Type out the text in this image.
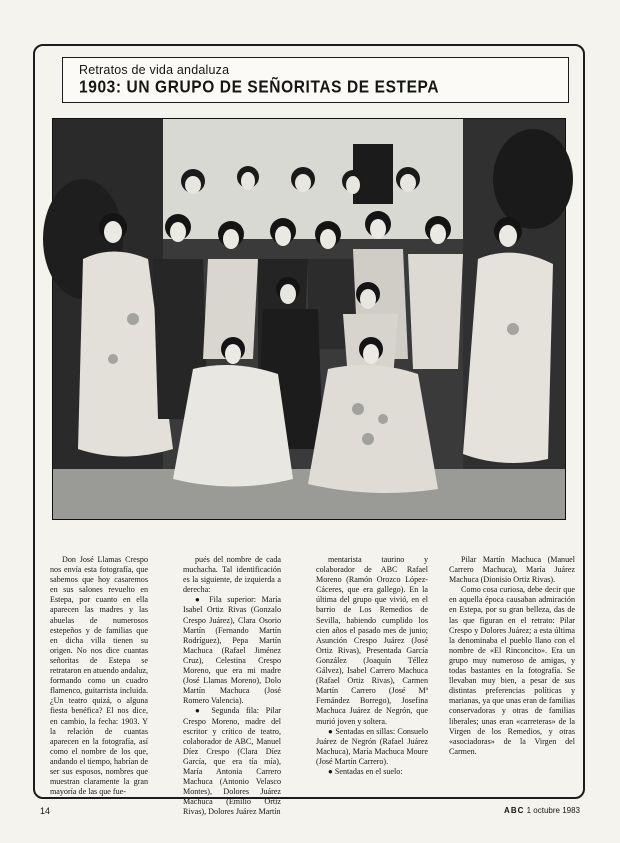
Retratos de vida andaluza
1903: UN GRUPO DE SEÑORITAS DE ESTEPA

Don José Llamas Crespo nos envía esta fotografía, que sabemos que hoy casaremos en sus salones revuelto en Estepa, por cuanto en ella aparecen las madres y las abuelas de numerosos estepeños y de familias que en dicha villa tienen su origen. No nos dice cuantas señoritas de Estepa se retrataron en atuendo andaluz, formando como un cuadro flamenco, guitarrista incluida. ¿Un teatro quizá, o alguna fiesta benéfica? El nos dice, en cambio, la fecha: 1903. Y la relación de cuantas aparecen en la fotografía, así como el nombre de los que, andando el tiempo, habrían de ser sus esposos, nombres que muestran claramente la gran mayoría de las que fue-

pués del nombre de cada muchacha. Tal identificación es la siguiente, de izquierda a derecha:

● Fila superior: María Isabel Ortiz Rivas (Gonzalo Crespo Juárez), Clara Osorio Martín (Fernando Martín Rodríguez), Pepa Martín Machuca (Rafael Jiménez Cruz), Celestina Crespo Moreno, que era mi madre (José Llamas Moreno), Dolo Martín Machuca (José Romero Valencia).

● Segunda fila: Pilar Crespo Moreno, madre del escritor y crítico de teatro, colaborador de ABC, Manuel Díez Crespo (Clara Díez García, que era tía mía), María Antonia Carrero Machuca (Antonio Velasco Montes), Dolores Juárez Machuca (Emilio Ortiz Rivas), Dolores Juárez Martín

mentarista taurino y colaborador de ABC Rafael Moreno (Ramón Orozco López-Cáceres, que era gallego). En la última del grupo que vivió, en el barrio de Los Remedios de Sevilla, habiendo cumplido los cien años el pasado mes de junio; Asunción Crespo Juárez (José Ortiz Rivas), Presentada García González (Joaquín Téllez Gálvez), Isabel Carrero Machuca (Rafael Ortiz Rivas), Carmen Martín Carrero (José Mª Fernández Borrego), Josefina Machuca Juárez de Negrón, que murió joven y soltera.

● Sentadas en sillas: Consuelo Juárez de Negrón (Rafael Juárez Machuca), María Machuca Moure (José Martín Carrero).

● Sentadas en el suelo:

Pilar Martín Machuca (Manuel Carrero Machuca), María Juárez Machuca (Dionisio Ortiz Rivas).

Como cosa curiosa, debe decir que en aquella época causaban admiración en Estepa, por su gran belleza, das de las que figuran en el retrato: Pilar Crespo y Dolores Juárez; a esta última la denominaba el pueblo llano con el nombre de «El Rinconcito». Era un grupo muy numeroso de amigas, y todas bastantes en la fotografía. Se llevaban muy bien, a pesar de sus distintas preferencias políticas y marianas, ya que unas eran de familias conservadoras y otras de familias liberales; unas eran «carreteras» de la Virgen de los Remedios, y otras «asociadoras» de la Virgen del Carmen.

14	ABC 1 octubre 1983
